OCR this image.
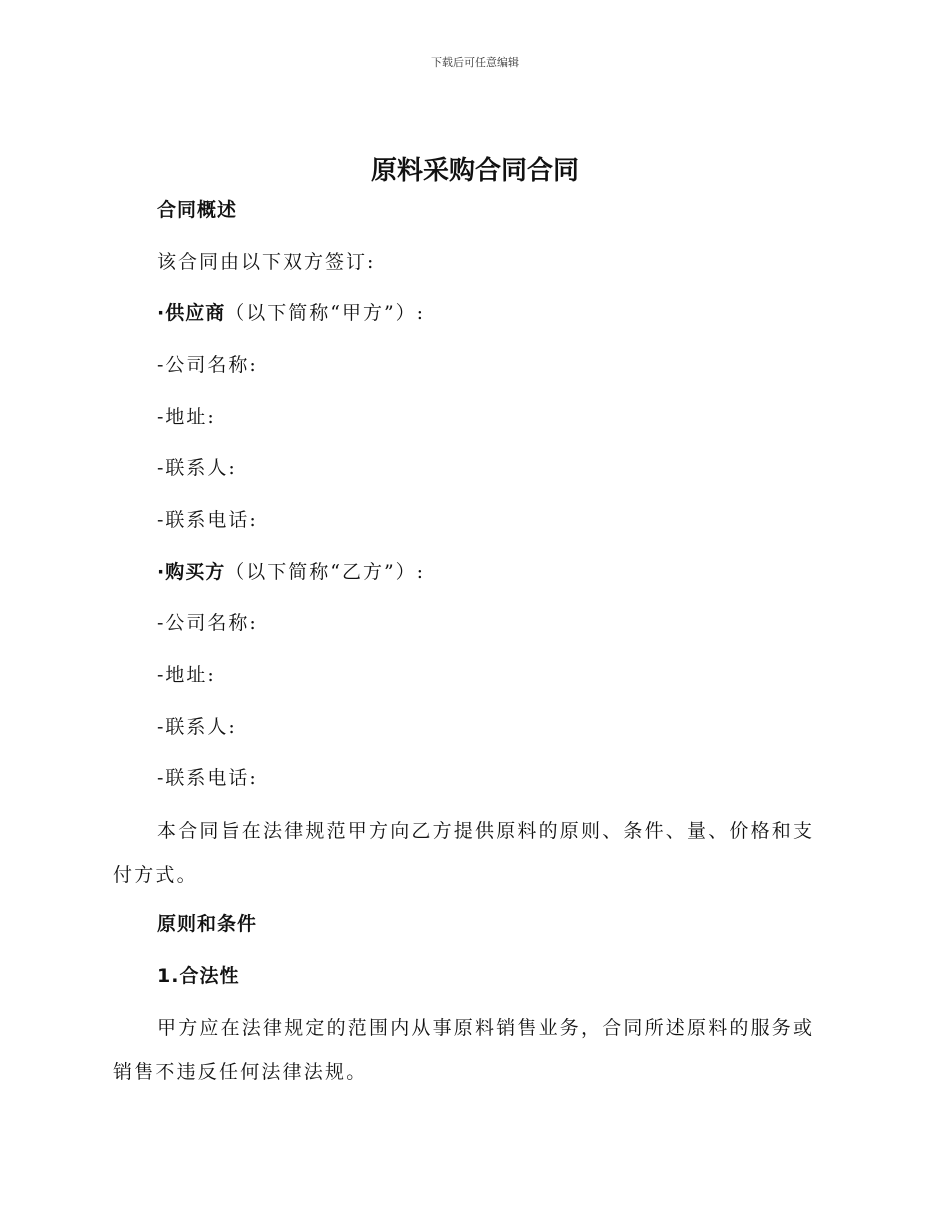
下载后可任意编辑
原料采购合同合同
合同概述
该合同由以下双方签订:
·供应商（以下简称“甲方”）:
-公司名称:
-地址:
-联系人:
-联系电话:
·购买方（以下简称“乙方”）:
-公司名称:
-地址:
-联系人:
-联系电话:

本合同旨在法律规范甲方向乙方提供原料的原则、条件、量、价格和支付方式。

原则和条件
1.合法性

甲方应在法律规定的范围内从事原料销售业务，合同所述原料的服务或销售不违反任何法律法规。
